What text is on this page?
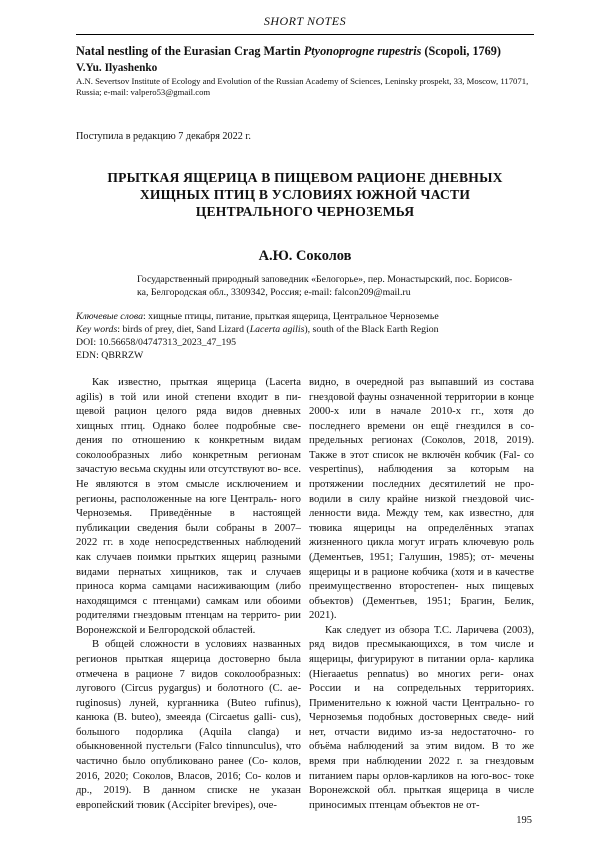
SHORT NOTES
Natal nestling of the Eurasian Crag Martin Ptyonoprogne rupestris (Scopoli, 1769)
V.Yu. Ilyashenko
A.N. Severtsov Institute of Ecology and Evolution of the Russian Academy of Sciences, Leninsky prospekt, 33, Moscow, 117071, Russia; e-mail: valpero53@gmail.com
Поступила в редакцию 7 декабря 2022 г.
ПРЫТКАЯ ЯЩЕРИЦА В ПИЩЕВОМ РАЦИОНЕ ДНЕВНЫХ
ХИЩНЫХ ПТИЦ В УСЛОВИЯХ ЮЖНОЙ ЧАСТИ
ЦЕНТРАЛЬНОГО ЧЕРНОЗЕМЬЯ
А.Ю. Соколов
Государственный природный заповедник «Белогорье», пер. Монастырский, пос. Борисов-
ка, Белгородская обл., 3309342, Россия; e-mail: falcon209@mail.ru
Ключевые слова: хищные птицы, питание, прыткая ящерица, Центральное Черноземье
Key words: birds of prey, diet, Sand Lizard (Lacerta agilis), south of the Black Earth Region
DOI: 10.56658/04747313_2023_47_195
EDN: QBRRZW

Как известно, прыткая ящерица (Lacerta agilis) в той или иной степени входит в пи- щевой рацион целого ряда видов дневных хищных птиц. Однако более подробные све- дения по отношению к конкретным видам соколообразных либо конкретным регионам зачастую весьма скудны или отсутствуют во- все. Не являются в этом смысле исключением и регионы, расположенные на юге Централь- ного Черноземья. Приведённые в настоящей публикации сведения были собраны в 2007– 2022 гг. в ходе непосредственных наблюдений как случаев поимки прытких ящериц разными видами пернатых хищников, так и случаев приноса корма самцами насиживающим (либо находящимся с птенцами) самкам или обоими родителями гнездовым птенцам на террито- рии Воронежской и Белгородской областей.

В общей сложности в условиях названных регионов прыткая ящерица достоверно была отмечена в рационе 7 видов соколообразных: лугового (Circus pygargus) и болотного (C. ae- ruginosus) луней, курганника (Buteo rufinus), канюка (B. buteo), змееяда (Circaetus galli- cus), большого подорлика (Aquila clanga) и обыкновенной пустельги (Falco tinnunculus), что частично было опубликовано ранее (Со- колов, 2016, 2020; Соколов, Власов, 2016; Со- колов и др., 2019). В данном списке не указан европейский тювик (Accipiter brevipes), оче-

видно, в очередной раз выпавший из состава гнездовой фауны означенной территории в конце 2000-х или в начале 2010-х гг., хотя до последнего времени он ещё гнездился в со- предельных регионах (Соколов, 2018, 2019). Также в этот список не включён кобчик (Fal- co vespertinus), наблюдения за которым на протяжении последних десятилетий не про- водили в силу крайне низкой гнездовой чис- ленности вида. Между тем, как известно, для тювика ящерицы на определённых этапах жизненного цикла могут играть ключевую роль (Дементьев, 1951; Галушин, 1985); от- мечены ящерицы и в рационе кобчика (хотя и в качестве преимущественно второстепен- ных пищевых объектов) (Дементьев, 1951; Брагин, Белик, 2021).

Как следует из обзора Т.С. Ларичева (2003), ряд видов пресмыкающихся, в том числе и ящерицы, фигурируют в питании орла- карлика (Hieraaetus pennatus) во многих реги- онах России и на сопредельных территориях. Применительно к южной части Центрально- го Черноземья подобных достоверных сведе- ний нет, отчасти видимо из-за недостаточно- го объёма наблюдений за этим видом. В то же время при наблюдении 2022 г. за гнездовым питанием пары орлов-карликов на юго-вос- токе Воронежской обл. прыткая ящерица в числе приносимых птенцам объектов не от-

195
